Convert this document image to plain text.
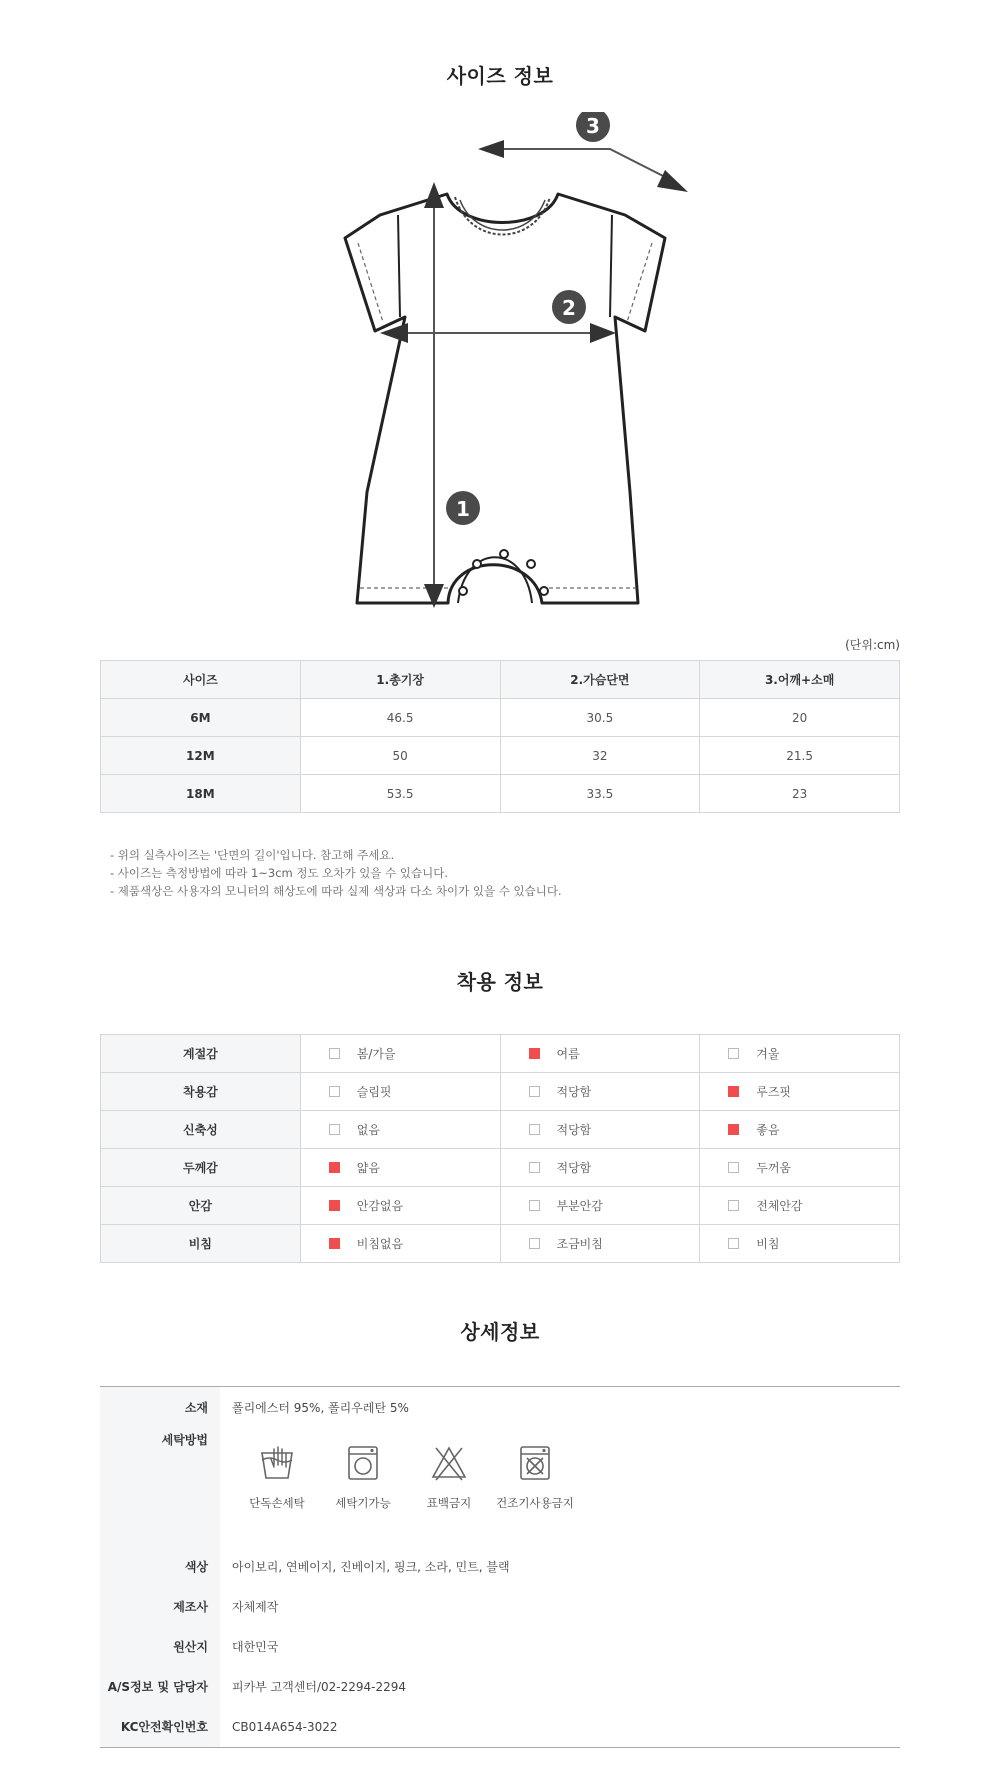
사이즈 정보
3
2
1
(단위:cm)
사이즈	1.총기장	2.가슴단면	3.어깨+소매
6M	46.5	30.5	20
12M	50	32	21.5
18M	53.5	33.5	23
- 위의 실측사이즈는 '단면의 길이'입니다. 참고해 주세요.
- 사이즈는 측정방법에 따라 1~3cm 정도 오차가 있을 수 있습니다.
- 제품색상은 사용자의 모니터의 해상도에 따라 실제 색상과 다소 차이가 있을 수 있습니다.
착용 정보
계절감	봄/가을	여름	겨울
착용감	슬림핏	적당함	루즈핏
신축성	없음	적당함	좋음
두께감	얇음	적당함	두꺼움
안감	안감없음	부분안감	전체안감
비침	비침없음	조금비침	비침
상세정보
소재	폴리에스터 95%, 폴리우레탄 5%
세탁방법
단독손세탁	세탁기가능	표백금지	건조기사용금지
색상	아이보리, 연베이지, 진베이지, 핑크, 소라, 민트, 블랙
제조사	자체제작
원산지	대한민국
A/S정보 및 담당자	피카부 고객센터/02-2294-2294
KC안전확인번호	CB014A654-3022
